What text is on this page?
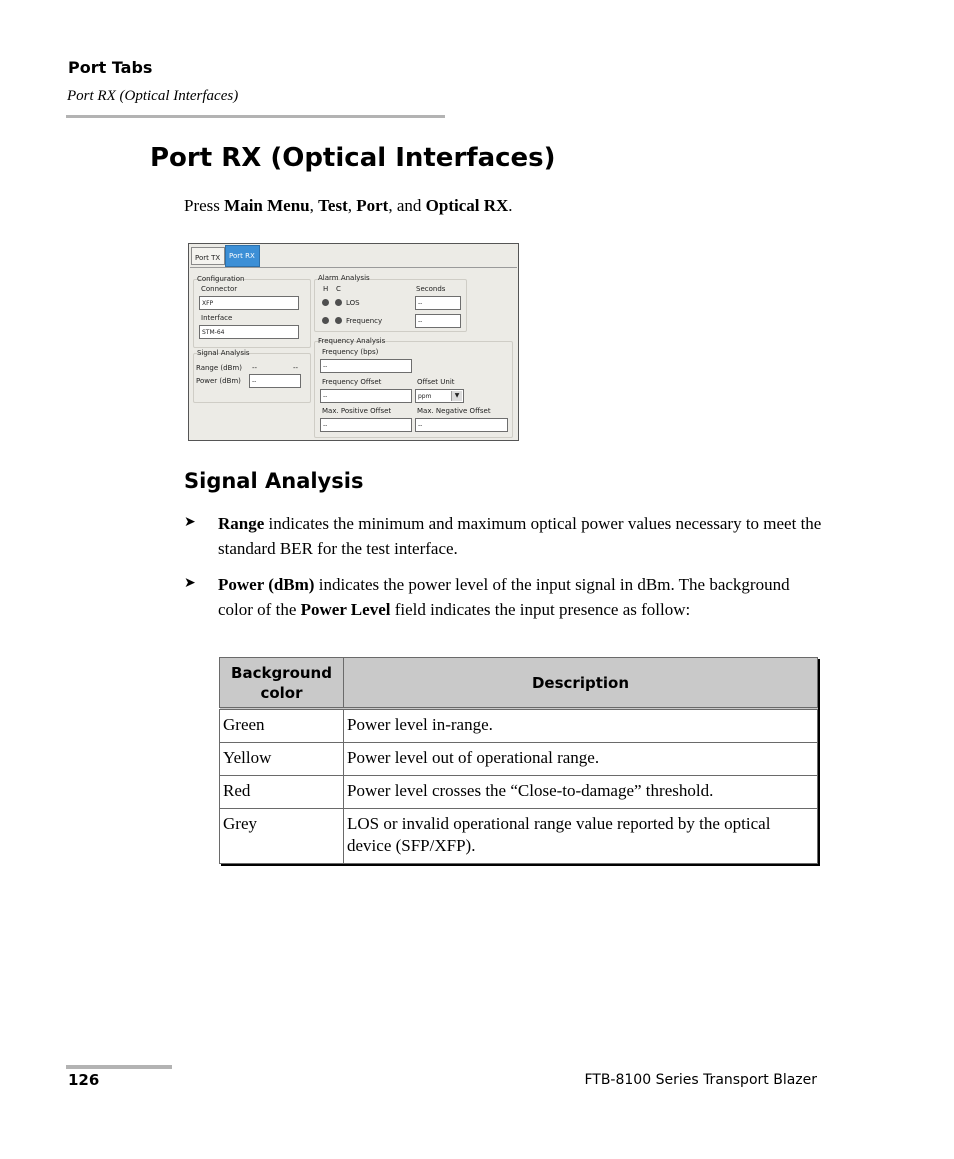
Port Tabs
Port RX (Optical Interfaces)
Port RX (Optical Interfaces)
Press Main Menu, Test, Port, and Optical RX.
Port TX	Port RX
Configuration
Connector
XFP
Interface
STM-64
Signal Analysis
Range (dBm) --	--
Power (dBm)	--
Alarm Analysis
H C	Seconds
LOS	--
Frequency	--
Frequency Analysis
Frequency (bps)
--
Frequency Offset
--
Offset Unit
ppm	▼
Max. Positive Offset
--
Max. Negative Offset
--
Signal Analysis
➤ Range indicates the minimum and maximum optical power values necessary to meet the standard BER for the test interface.
➤ Power (dBm) indicates the power level of the input signal in dBm. The background color of the Power Level field indicates the input presence as follow:
Background color	Description
Green	Power level in-range.
Yellow	Power level out of operational range.
Red	Power level crosses the “Close-to-damage” threshold.
Grey	LOS or invalid operational range value reported by the optical device (SFP/XFP).
126	FTB-8100 Series Transport Blazer
